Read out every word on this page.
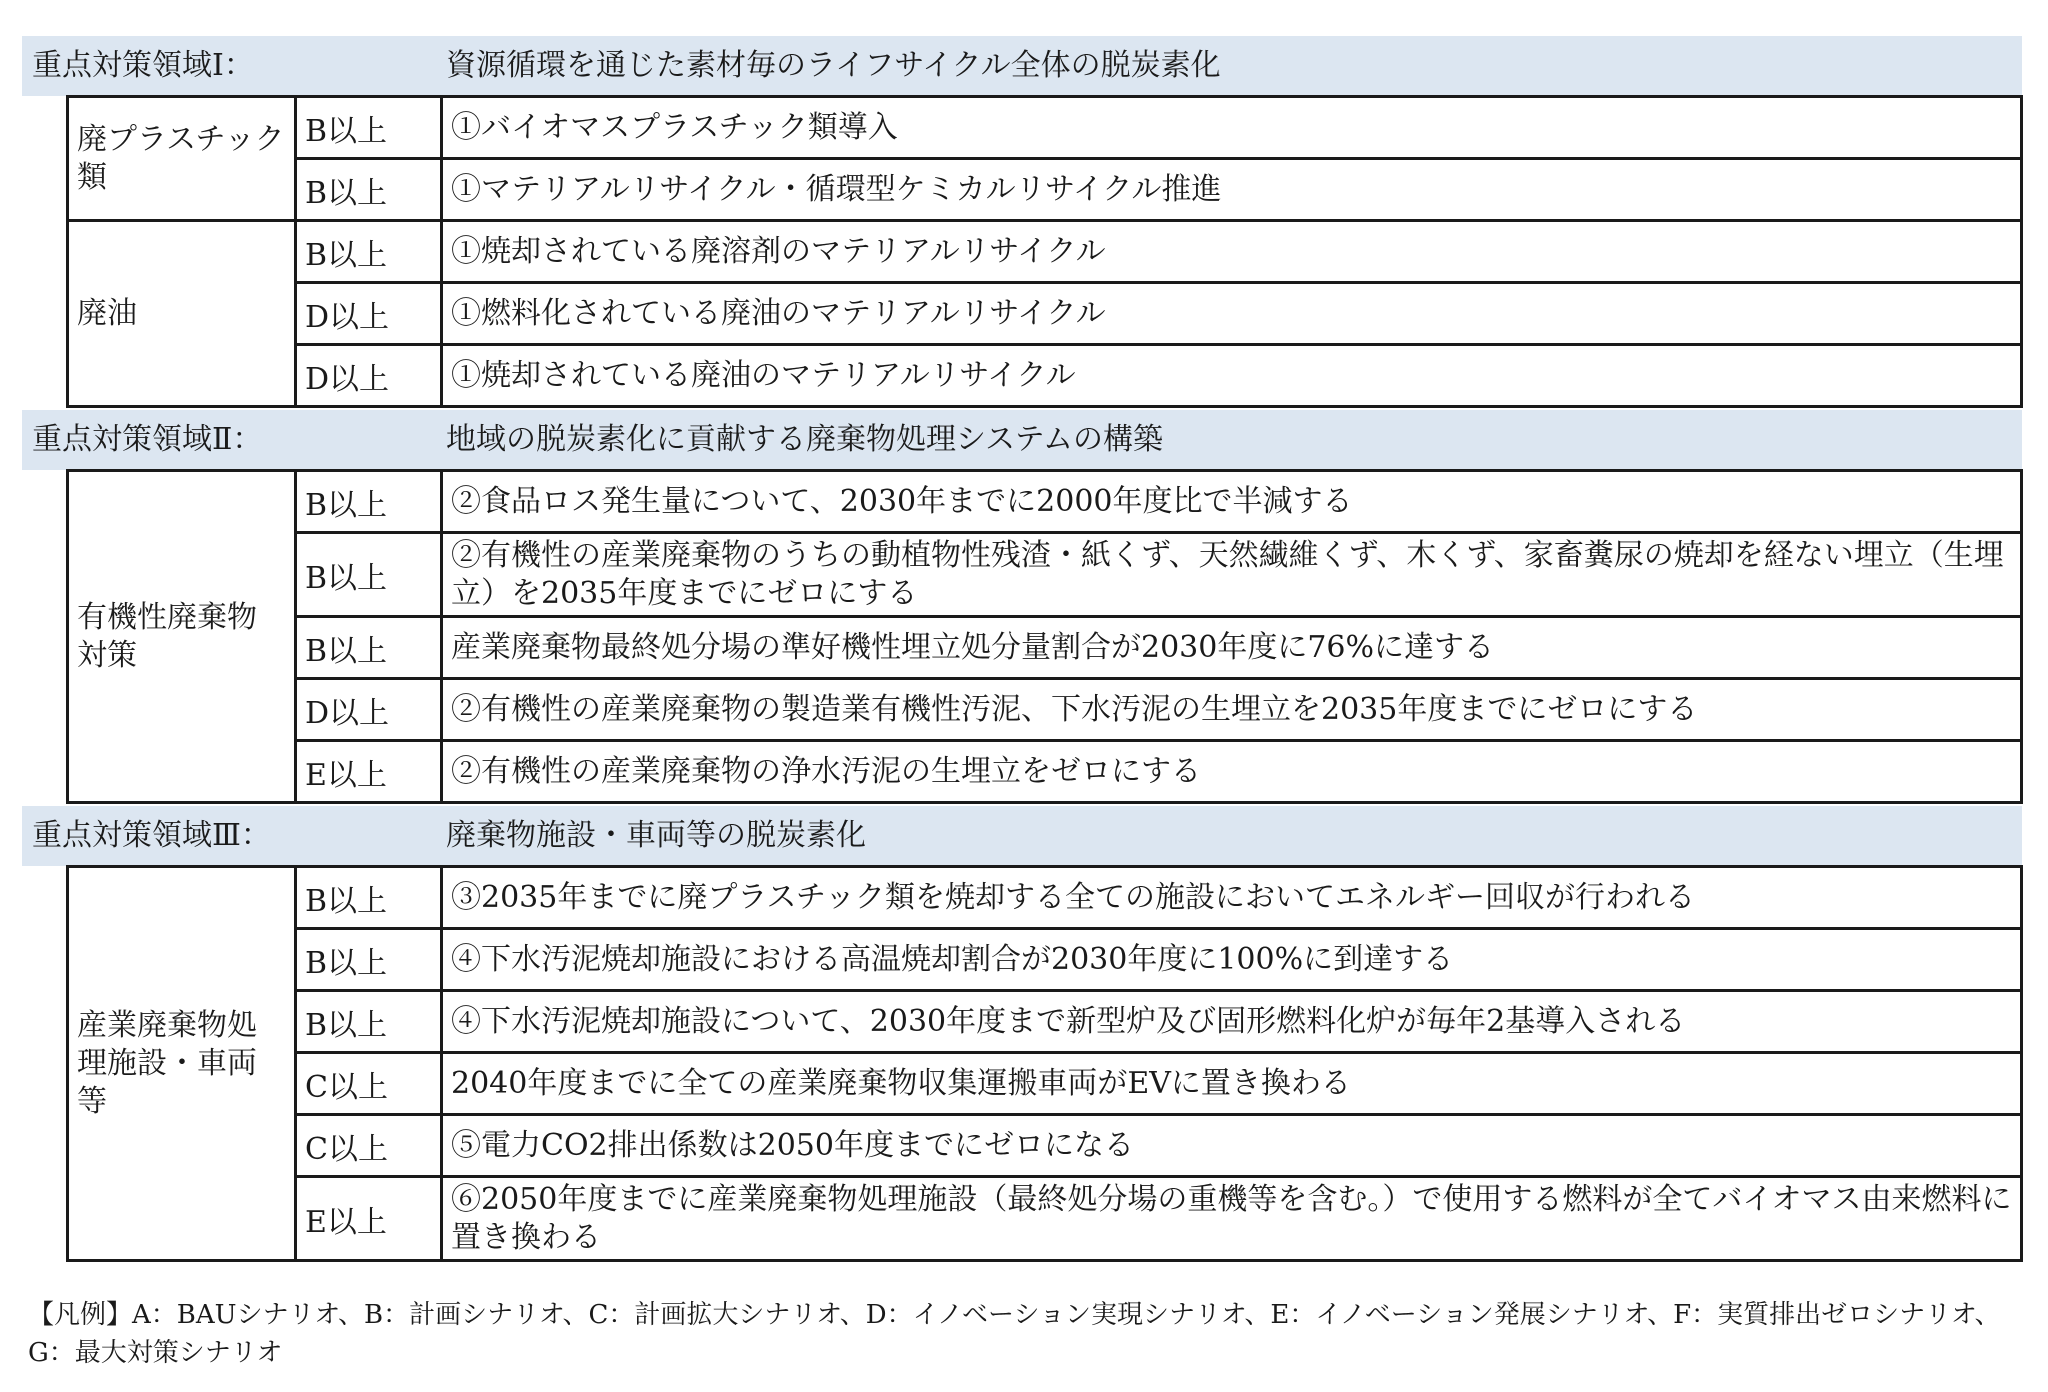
重点対策領域Ⅰ：	資源循環を通じた素材毎のライフサイクル全体の脱炭素化
廃プラスチック類	B以上	①バイオマスプラスチック類導入
	B以上	①マテリアルリサイクル・循環型ケミカルリサイクル推進
廃油	B以上	①焼却されている廃溶剤のマテリアルリサイクル
	D以上	①燃料化されている廃油のマテリアルリサイクル
	D以上	①焼却されている廃油のマテリアルリサイクル
重点対策領域Ⅱ：	地域の脱炭素化に貢献する廃棄物処理システムの構築
有機性廃棄物対策	B以上	②食品ロス発生量について、2030年までに2000年度比で半減する
	B以上	②有機性の産業廃棄物のうちの動植物性残渣・紙くず、天然繊維くず、木くず、家畜糞尿の焼却を経ない埋立（生埋立）を2035年度までにゼロにする
	B以上	産業廃棄物最終処分場の準好機性埋立処分量割合が2030年度に76%に達する
	D以上	②有機性の産業廃棄物の製造業有機性汚泥、下水汚泥の生埋立を2035年度までにゼロにする
	E以上	②有機性の産業廃棄物の浄水汚泥の生埋立をゼロにする
重点対策領域Ⅲ：	廃棄物施設・車両等の脱炭素化
産業廃棄物処理施設・車両等	B以上	③2035年までに廃プラスチック類を焼却する全ての施設においてエネルギー回収が行われる
	B以上	④下水汚泥焼却施設における高温焼却割合が2030年度に100%に到達する
	B以上	④下水汚泥焼却施設について、2030年度まで新型炉及び固形燃料化炉が毎年2基導入される
	C以上	2040年度までに全ての産業廃棄物収集運搬車両がEVに置き換わる
	C以上	⑤電力CO2排出係数は2050年度までにゼロになる
	E以上	⑥2050年度までに産業廃棄物処理施設（最終処分場の重機等を含む。）で使用する燃料が全てバイオマス由来燃料に置き換わる
【凡例】A：BAUシナリオ、B：計画シナリオ、C：計画拡大シナリオ、D：イノベーション実現シナリオ、E：イノベーション発展シナリオ、F：実質排出ゼロシナリオ、G：最大対策シナリオ
